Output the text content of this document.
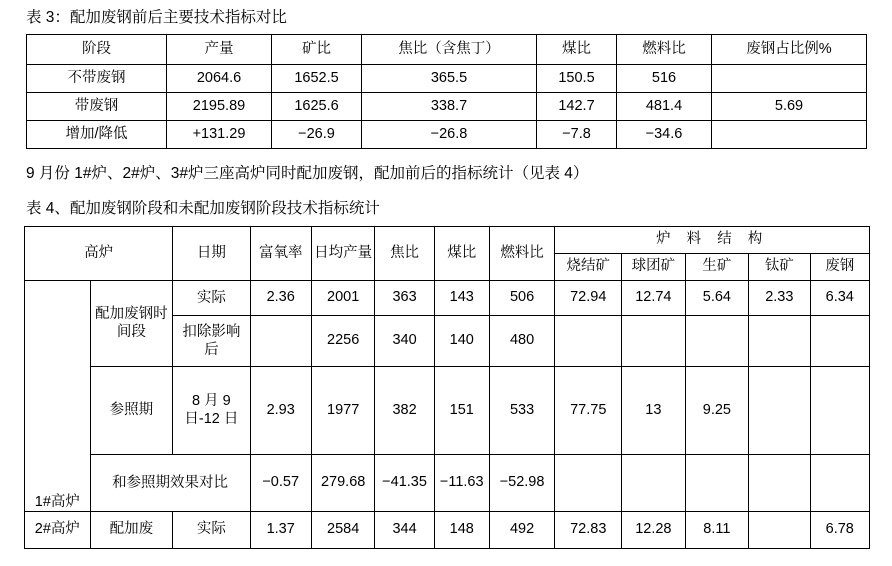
表 3：配加废钢前后主要技术指标对比
阶段	产量	矿比	焦比（含焦丁）	煤比	燃料比	废钢占比例%
不带废钢	2064.6	1652.5	365.5	150.5	516	
带废钢	2195.89	1625.6	338.7	142.7	481.4	5.69
增加/降低	+131.29	−26.9	−26.8	−7.8	−34.6	
9 月份 1#炉、2#炉、3#炉三座高炉同时配加废钢，配加前后的指标统计（见表 4）
表 4、配加废钢阶段和未配加废钢阶段技术指标统计
高炉		日期	富氧率	日均产量	焦比	煤比	燃料比	炉 料 结 构				
								烧结矿	球团矿	生矿	钛矿	废钢
1#高炉	配加废钢时间段	实际	2.36	2001	363	143	506	72.94	12.74	5.64	2.33	6.34
		扣除影响后		2256	340	140	480					
	参照期	8 月 9 日-12 日	2.93	1977	382	151	533	77.75	13	9.25		
	和参照期效果对比		−0.57	279.68	−41.35	−11.63	−52.98					
2#高炉	配加废	实际	1.37	2584	344	148	492	72.83	12.28	8.11		6.78
